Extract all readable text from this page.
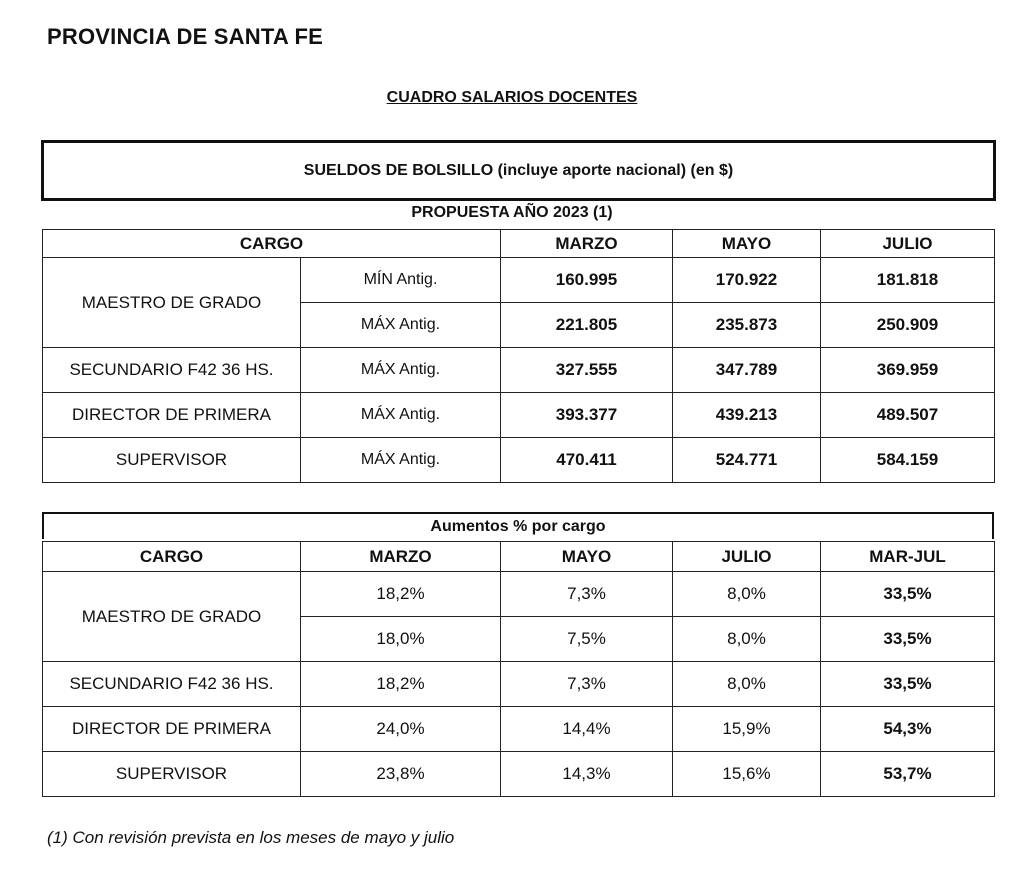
PROVINCIA DE SANTA FE
CUADRO SALARIOS DOCENTES
SUELDOS DE BOLSILLO (incluye aporte nacional) (en $)
PROPUESTA AÑO 2023 (1)
CARGO		MARZO	MAYO	JULIO
MAESTRO DE GRADO	MÍN Antig.	160.995	170.922	181.818
	MÁX Antig.	221.805	235.873	250.909
SECUNDARIO F42 36 HS.	MÁX Antig.	327.555	347.789	369.959
DIRECTOR DE PRIMERA	MÁX Antig.	393.377	439.213	489.507
SUPERVISOR	MÁX Antig.	470.411	524.771	584.159
Aumentos % por cargo
CARGO	MARZO	MAYO	JULIO	MAR-JUL
MAESTRO DE GRADO	18,2%	7,3%	8,0%	33,5%
	18,0%	7,5%	8,0%	33,5%
SECUNDARIO F42 36 HS.	18,2%	7,3%	8,0%	33,5%
DIRECTOR DE PRIMERA	24,0%	14,4%	15,9%	54,3%
SUPERVISOR	23,8%	14,3%	15,6%	53,7%
(1) Con revisión prevista en los meses de mayo y julio
